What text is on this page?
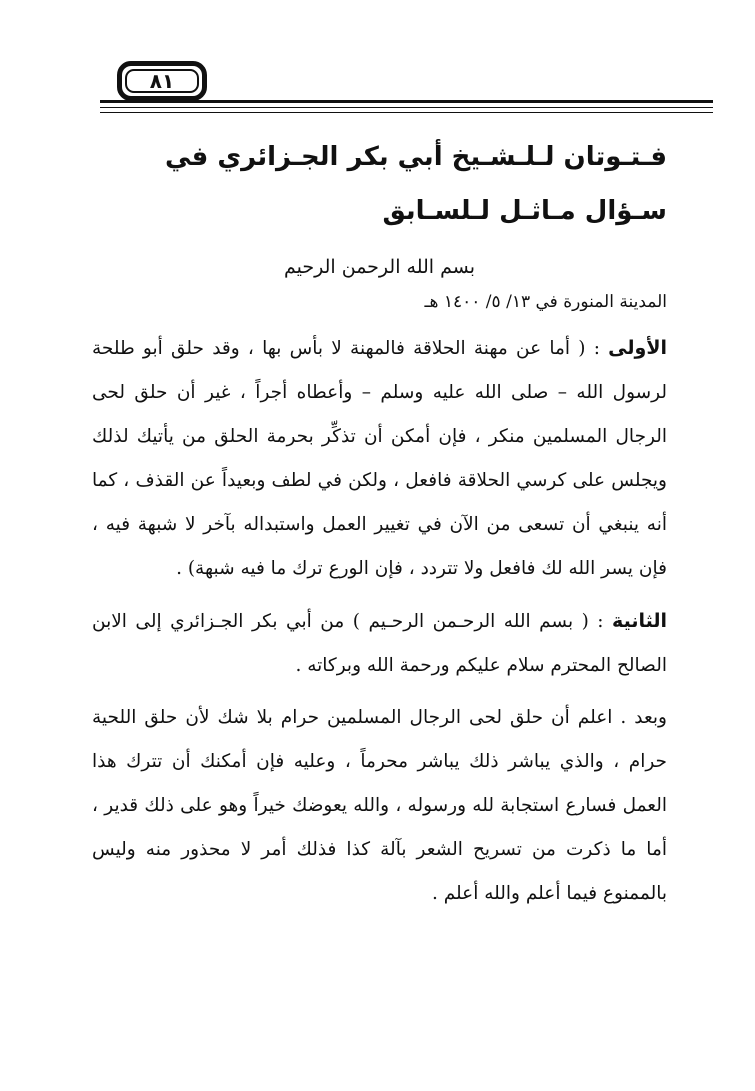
٨١
فـتـوتان لـلـشـيخ أبي بكر الجـزائري في سـؤال مـاثـل لـلسـابق
بسم الله الرحمن الرحيم
المدينة المنورة في ١٣/ ٥/ ١٤٠٠ هـ

الأولى : ( أما عن مهنة الحلاقة فالمهنة لا بأس بها ، وقد حلق أبو طلحة لرسول الله – صلى الله عليه وسلم – وأعطاه أجراً ، غير أن حلق لحى الرجال المسلمين منكر ، فإن أمكن أن تذكِّر بحرمة الحلق من يأتيك لذلك ويجلس على كرسي الحلاقة فافعل ، ولكن في لطف وبعيداً عن القذف ، كما أنه ينبغي أن تسعى من الآن في تغيير العمل واستبداله بآخر لا شبهة فيه ، فإن يسر الله لك فافعل ولا تتردد ، فإن الورع ترك ما فيه شبهة) .

الثانية : ( بسم الله الرحـمن الرحـيم ) من أبي بكر الجـزائري إلى الابن الصالح المحترم سلام عليكم ورحمة الله وبركاته .

وبعد . اعلم أن حلق لحى الرجال المسلمين حرام بلا شك لأن حلق اللحية حرام ، والذي يباشر ذلك يباشر محرماً ، وعليه فإن أمكنك أن تترك هذا العمل فسارع استجابة لله ورسوله ، والله يعوضك خيراً وهو على ذلك قدير ، أما ما ذكرت من تسريح الشعر بآلة كذا فذلك أمر لا محذور منه وليس بالممنوع فيما أعلم والله أعلم .
